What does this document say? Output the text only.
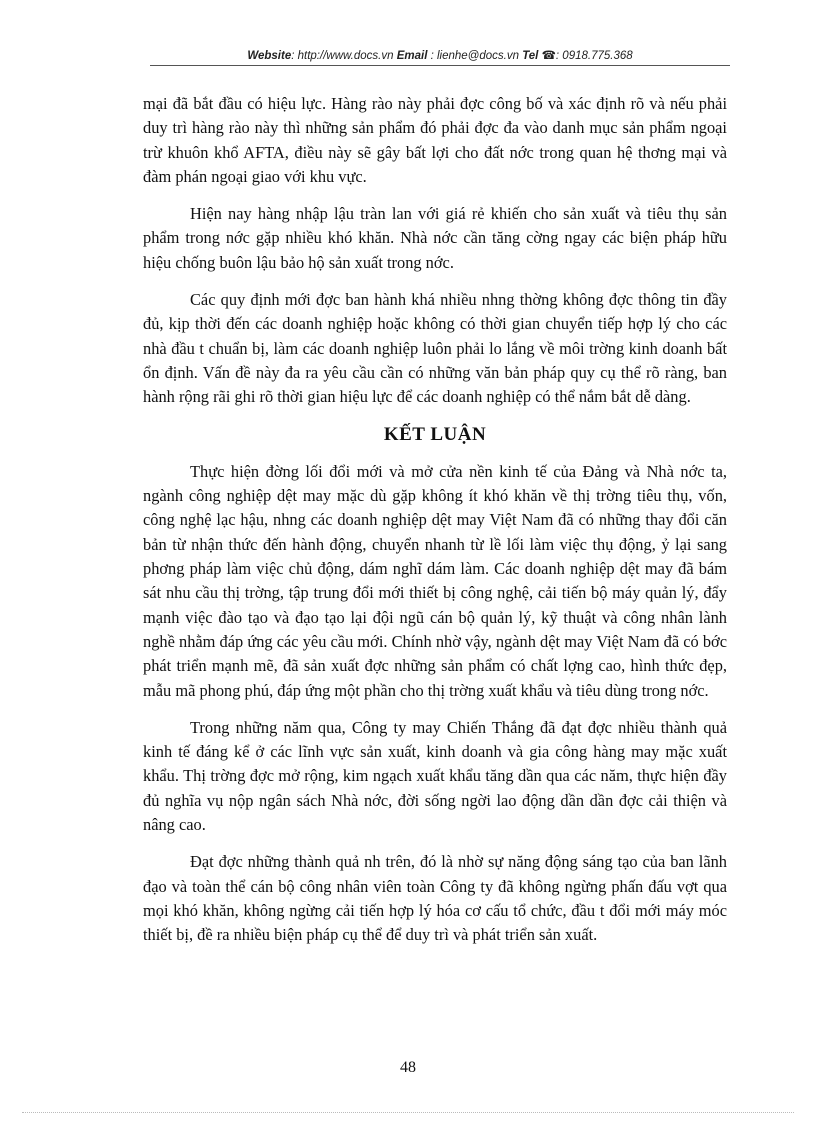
Website: http://www.docs.vn Email : lienhe@docs.vn Tel ☎: 0918.775.368

mại đã bắt đầu có hiệu lực. Hàng rào này phải đợc công bố và xác định rõ và nếu phải duy trì hàng rào này thì những sản phẩm đó phải đợc đa vào danh mục sản phẩm ngoại trừ khuôn khổ AFTA, điều này sẽ gây bất lợi cho đất nớc trong quan hệ thơng mại và đàm phán ngoại giao với khu vực.

Hiện nay hàng nhập lậu tràn lan với giá rẻ khiến cho sản xuất và tiêu thụ sản phẩm trong nớc gặp nhiều khó khăn. Nhà nớc cần tăng cờng ngay các biện pháp hữu hiệu chống buôn lậu bảo hộ sản xuất trong nớc.

Các quy định mới đợc ban hành khá nhiều nhng thờng không đợc thông tin đầy đủ, kịp thời đến các doanh nghiệp hoặc không có thời gian chuyển tiếp hợp lý cho các nhà đầu t chuẩn bị, làm các doanh nghiệp luôn phải lo lắng về môi trờng kinh doanh bất ổn định. Vấn đề này đa ra yêu cầu cần có những văn bản pháp quy cụ thể rõ ràng, ban hành rộng rãi ghi rõ thời gian hiệu lực để các doanh nghiệp có thể nắm bắt dễ dàng.

KẾT LUẬN

Thực hiện đờng lối đổi mới và mở cửa nền kinh tế của Đảng và Nhà nớc ta, ngành công nghiệp dệt may mặc dù gặp không ít khó khăn về thị trờng tiêu thụ, vốn, công nghệ lạc hậu, nhng các doanh nghiệp dệt may Việt Nam đã có những thay đổi căn bản từ nhận thức đến hành động, chuyển nhanh từ lề lối làm việc thụ động, ỷ lại sang phơng pháp làm việc chủ động, dám nghĩ dám làm. Các doanh nghiệp dệt may đã bám sát nhu cầu thị trờng, tập trung đổi mới thiết bị công nghệ, cải tiến bộ máy quản lý, đẩy mạnh việc đào tạo và đạo tạo lại đội ngũ cán bộ quản lý, kỹ thuật và công nhân lành nghề nhằm đáp ứng các yêu cầu mới. Chính nhờ vậy, ngành dệt may Việt Nam đã có bớc phát triển mạnh mẽ, đã sản xuất đợc những sản phẩm có chất lợng cao, hình thức đẹp, mẫu mã phong phú, đáp ứng một phần cho thị trờng xuất khẩu và tiêu dùng trong nớc.

Trong những năm qua, Công ty may Chiến Thắng đã đạt đợc nhiều thành quả kinh tế đáng kể ở các lĩnh vực sản xuất, kinh doanh và gia công hàng may mặc xuất khẩu. Thị trờng đợc mở rộng, kim ngạch xuất khẩu tăng dần qua các năm, thực hiện đầy đủ nghĩa vụ nộp ngân sách Nhà nớc, đời sống ngời lao động dần dần đợc cải thiện và nâng cao.

Đạt đợc những thành quả nh trên, đó là nhờ sự năng động sáng tạo của ban lãnh đạo và toàn thể cán bộ công nhân viên toàn Công ty đã không ngừng phấn đấu vợt qua mọi khó khăn, không ngừng cải tiến hợp lý hóa cơ cấu tổ chức, đầu t đổi mới máy móc thiết bị, đề ra nhiều biện pháp cụ thể để duy trì và phát triển sản xuất.

48
